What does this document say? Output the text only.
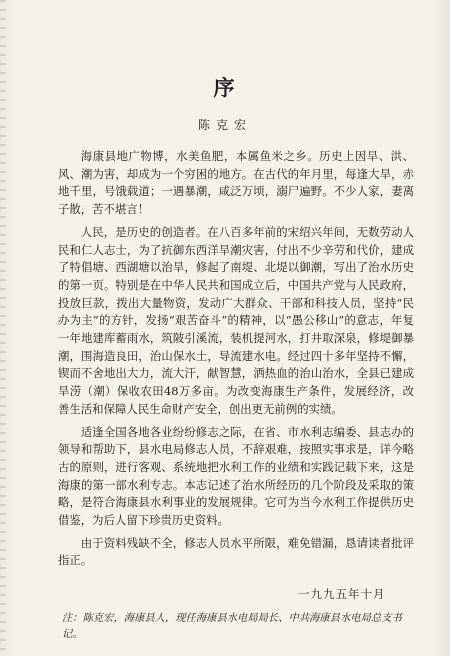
序
陈克宏

海康县地广物博，水美鱼肥，本属鱼米之乡。历史上因旱、洪、风、潮为害，却成为一个穷困的地方。在古代的年月里，每逢大旱，赤地千里，号饿载道；一遇暴潮，咸泛万顷，溺尸遍野。不少人家，妻离子散，苦不堪言！

人民，是历史的创造者。在八百多年前的宋绍兴年间，无数劳动人民和仁人志士，为了抗御东西洋旱潮灾害，付出不少辛劳和代价，建成了特倡塘、西湖塘以治旱，修起了南堤、北堤以御潮，写出了治水历史的第一页。特别是在中华人民共和国成立后，中国共产党与人民政府，投放巨款，拨出大量物资，发动广大群众、干部和科技人员，坚持“民办为主”的方针，发扬“艰苦奋斗”的精神，以“愚公移山”的意志，年复一年地建库蓄雨水，筑陂引溪流，装机提河水，打井取深泉，修堤御暴潮，围海造良田，治山保水土，导流建水电。经过四十多年坚持不懈，锲而不舍地出大力，流大汗，献智慧，洒热血的治山治水，全县已建成旱涝（潮）保收农田48万多亩。为改变海康生产条件，发展经济，改善生活和保障人民生命财产安全，创出更无前例的实绩。

适逢全国各地各业纷纷修志之际，在省、市水利志编委、县志办的领导和帮助下，县水电局修志人员，不辞艰难，按照实事求是，详今略古的原则，进行客观、系统地把水利工作的业绩和实践记载下来，这是海康的第一部水利专志。本志记述了治水所经历的几个阶段及采取的策略，是符合海康县水利事业的发展规律。它可为当今水利工作提供历史借鉴，为后人留下珍贵历史资料。

由于资料残缺不全，修志人员水平所限，难免错漏，恳请读者批评指正。

一九九五年十月
注：陈克宏，海康县人，现任海康县水电局局长、中共海康县水电局总支书记。
